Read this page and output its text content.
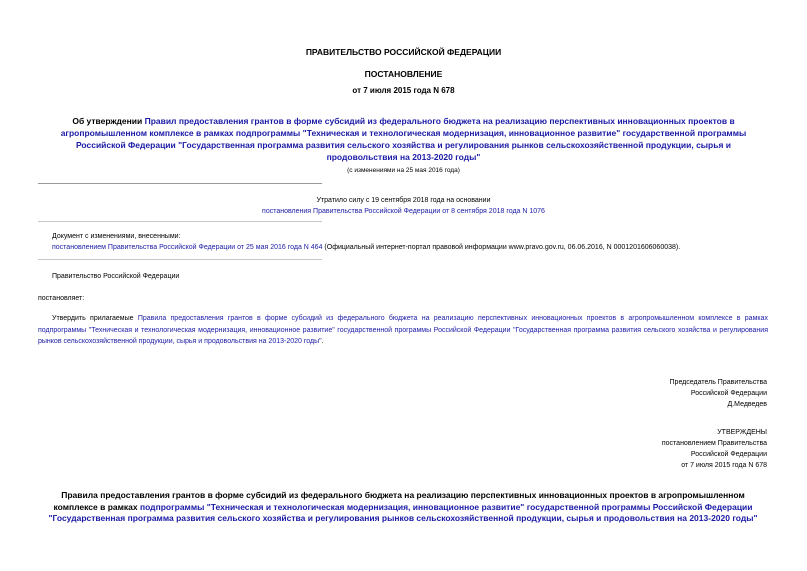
ПРАВИТЕЛЬСТВО РОССИЙСКОЙ ФЕДЕРАЦИИ
ПОСТАНОВЛЕНИЕ
от 7 июля 2015 года N 678
Об утверждении Правил предоставления грантов в форме субсидий из федерального бюджета на реализацию перспективных инновационных проектов в агропромышленном комплексе в рамках подпрограммы "Техническая и технологическая модернизация, инновационное развитие" государственной программы Российской Федерации "Государственная программа развития сельского хозяйства и регулирования рынков сельскохозяйственной продукции, сырья и продовольствия на 2013-2020 годы"
(с изменениями на 25 мая 2016 года)
Утратило силу с 19 сентября 2018 года на основании
постановления Правительства Российской Федерации от 8 сентября 2018 года N 1076
Документ с изменениями, внесенными:
постановлением Правительства Российской Федерации от 25 мая 2016 года N 464 (Официальный интернет-портал правовой информации www.pravo.gov.ru, 06.06.2016, N 0001201606060038).
Правительство Российской Федерации
постановляет:
Утвердить прилагаемые Правила предоставления грантов в форме субсидий из федерального бюджета на реализацию перспективных инновационных проектов в агропромышленном комплексе в рамках подпрограммы "Техническая и технологическая модернизация, инновационное развитие" государственной программы Российской Федерации "Государственная программа развития сельского хозяйства и регулирования рынков сельскохозяйственной продукции, сырья и продовольствия на 2013-2020 годы".
Председатель Правительства
Российской Федерации
Д.Медведев
УТВЕРЖДЕНЫ
постановлением Правительства
Российской Федерации
от 7 июля 2015 года N 678
Правила предоставления грантов в форме субсидий из федерального бюджета на реализацию перспективных инновационных проектов в агропромышленном комплексе в рамках подпрограммы "Техническая и технологическая модернизация, инновационное развитие" государственной программы Российской Федерации "Государственная программа развития сельского хозяйства и регулирования рынков сельскохозяйственной продукции, сырья и продовольствия на 2013-2020 годы"
